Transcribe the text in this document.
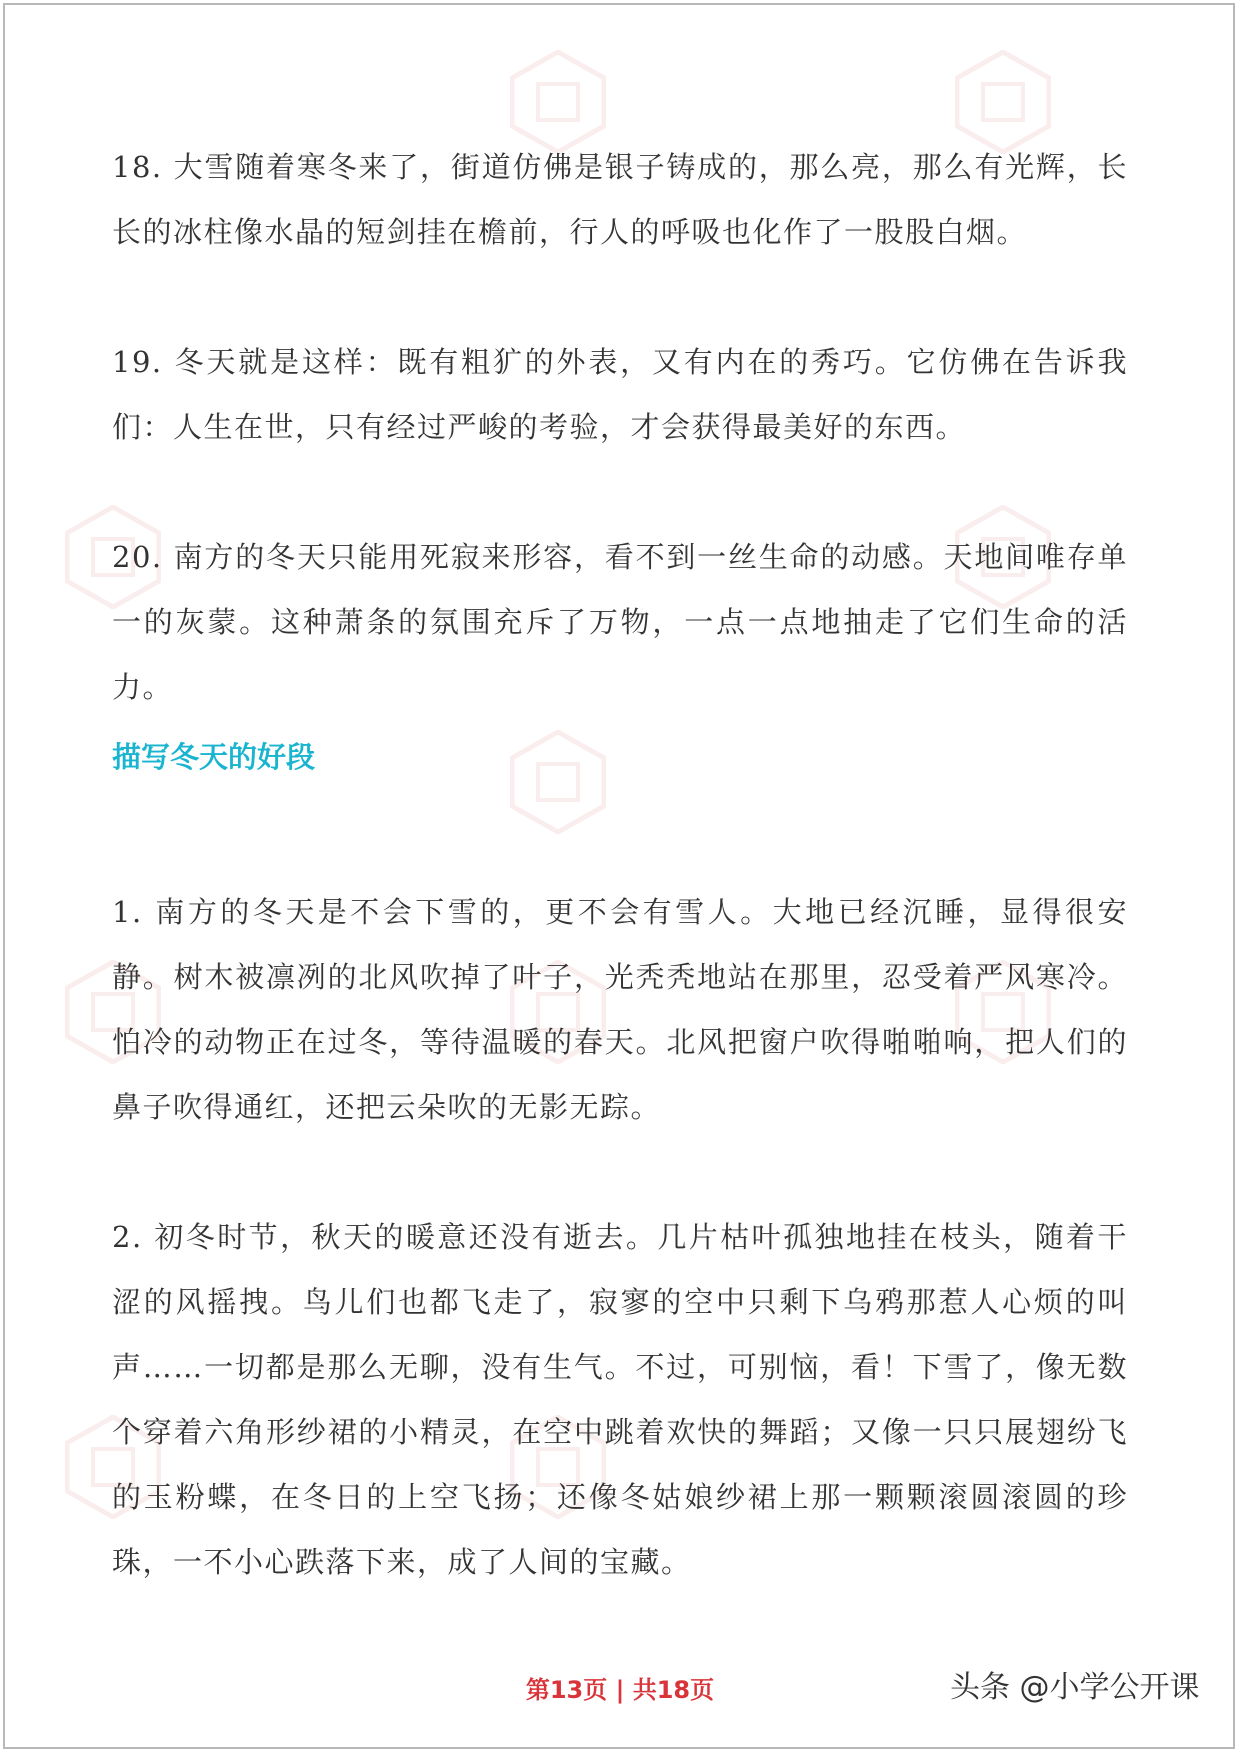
18. 大雪随着寒冬来了，街道仿佛是银子铸成的，那么亮，那么有光辉，长长的冰柱像水晶的短剑挂在檐前，行人的呼吸也化作了一股股白烟。

19. 冬天就是这样：既有粗犷的外表，又有内在的秀巧。它仿佛在告诉我们：人生在世，只有经过严峻的考验，才会获得最美好的东西。

20. 南方的冬天只能用死寂来形容，看不到一丝生命的动感。天地间唯存单一的灰蒙。这种萧条的氛围充斥了万物，一点一点地抽走了它们生命的活力。

描写冬天的好段

1. 南方的冬天是不会下雪的，更不会有雪人。大地已经沉睡，显得很安静。树木被凛冽的北风吹掉了叶子，光秃秃地站在那里，忍受着严风寒冷。怕冷的动物正在过冬，等待温暖的春天。北风把窗户吹得啪啪响，把人们的鼻子吹得通红，还把云朵吹的无影无踪。

2. 初冬时节，秋天的暖意还没有逝去。几片枯叶孤独地挂在枝头，随着干涩的风摇拽。鸟儿们也都飞走了，寂寥的空中只剩下乌鸦那惹人心烦的叫声……一切都是那么无聊，没有生气。不过，可别恼，看！下雪了，像无数个穿着六角形纱裙的小精灵，在空中跳着欢快的舞蹈；又像一只只展翅纷飞的玉粉蝶，在冬日的上空飞扬；还像冬姑娘纱裙上那一颗颗滚圆滚圆的珍珠，一不小心跌落下来，成了人间的宝藏。

第13页 | 共18页	头条 @小学公开课
